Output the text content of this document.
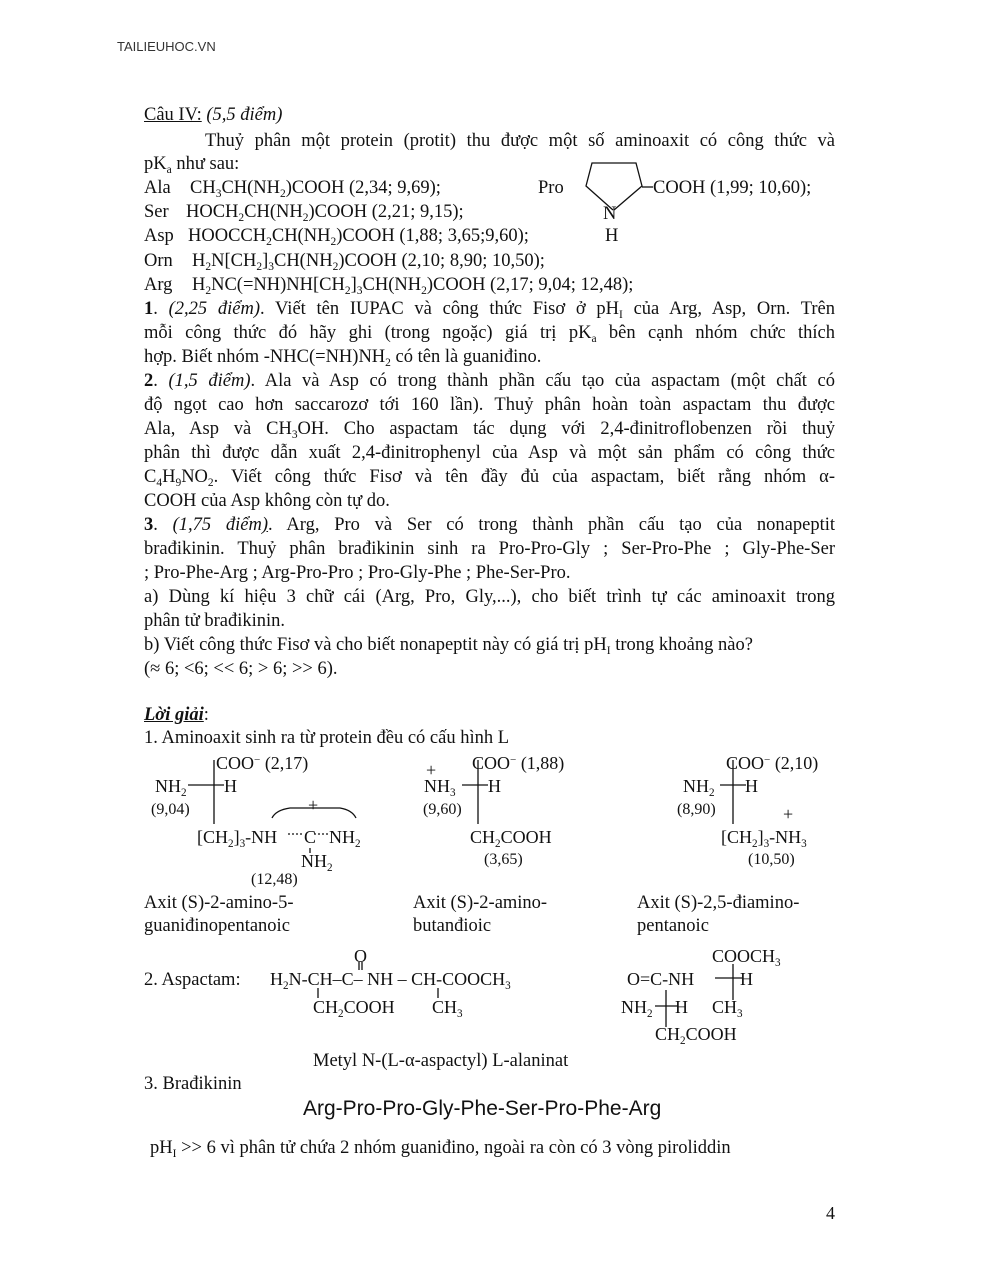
TAILIEUHOC.VN
Câu IV: (5,5 điểm)
Thuỷ phân một protein (protit) thu được một số aminoaxit có công thức và
$pK_a$ như sau:
Ala $CH_3CH(NH_2)COOH$ (2,34; 9,69);
Ser $HOCH_2CH(NH_2)COOH$ (2,21; 9,15);
Asp $HOOCCH_2CH(NH_2)COOH$ (1,88; 3,65;9,60);
Orn $H_2N[CH_2]_3CH(NH_2)COOH$ (2,10; 8,90; 10,50);
Arg $H_2NC(=NH)NH[CH_2]_3CH(NH_2)COOH$ (2,17; 9,04; 12,48);
Pro	COOH (1,99; 10,60);
N
H
1. (2,25 điểm). Viết tên IUPAC và công thức Fisơ ở $pH_I$ của Arg, Asp, Orn. Trên
mỗi công thức đó hãy ghi (trong ngoặc) giá trị $pK_a$ bên cạnh nhóm chức thích
hợp. Biết nhóm $-NHC(=NH)NH_2$ có tên là guaniđino.
2. (1,5 điểm). Ala và Asp có trong thành phần cấu tạo của aspactam (một chất có
độ ngọt cao hơn saccarozơ tới 160 lần). Thuỷ phân hoàn toàn aspactam thu được
Ala, Asp và $CH_3OH$. Cho aspactam tác dụng với 2,4-đinitroflobenzen rồi thuỷ
phân thì được dẫn xuất 2,4-đinitrophenyl của Asp và một sản phẩm có công thức
$C_4H_9NO_2$. Viết công thức Fisơ và tên đầy đủ của aspactam, biết rằng nhóm α-
COOH của Asp không còn tự do.
3. (1,75 điểm). Arg, Pro và Ser có trong thành phần cấu tạo của nonapeptit
brađikinin. Thuỷ phân brađikinin sinh ra Pro-Pro-Gly ; Ser-Pro-Phe ; Gly-Phe-Ser
; Pro-Phe-Arg ; Arg-Pro-Pro ; Pro-Gly-Phe ; Phe-Ser-Pro.
a) Dùng kí hiệu 3 chữ cái (Arg, Pro, Gly,...), cho biết trình tự các aminoaxit trong
phân tử brađikinin.
b) Viết công thức Fisơ và cho biết nonapeptit này có giá trị $pH_I$ trong khoảng nào?
(≈ 6; <6; << 6; > 6; >> 6).
Lời giải:
1. Aminoaxit sinh ra từ protein đều có cấu hình L
COO− (2,17)
$NH_2$ H
(9,04)
$[CH_2]_3-NH$ C $NH_2$
$NH_2$
+
(12,48)
Axit (S)-2-amino-5-
guaniđinopentanoic
COO− (1,88)
+
$NH_3$ H
(9,60)
$CH_2COOH$
(3,65)
Axit (S)-2-amino-
butanđioic
COO− (2,10)
$NH_2$ H
(8,90)	+
$[CH_2]_3-NH_3$
(10,50)
Axit (S)-2,5-điamino-
pentanoic
2. Aspactam:
O
$H_2N-CH-C-$ NH – $CH-COOCH_3$
$CH_2COOH$ $CH_3$
$COOCH_3$
O=C-NH	H
$NH_2$ H $CH_3$
$CH_2COOH$
Metyl N-(L-α-aspactyl) L-alaninat
3. Brađikinin
Arg-Pro-Pro-Gly-Phe-Ser-Pro-Phe-Arg
$pH_I >> 6$ vì phân tử chứa 2 nhóm guaniđino, ngoài ra còn có 3 vòng piroliddin
4
